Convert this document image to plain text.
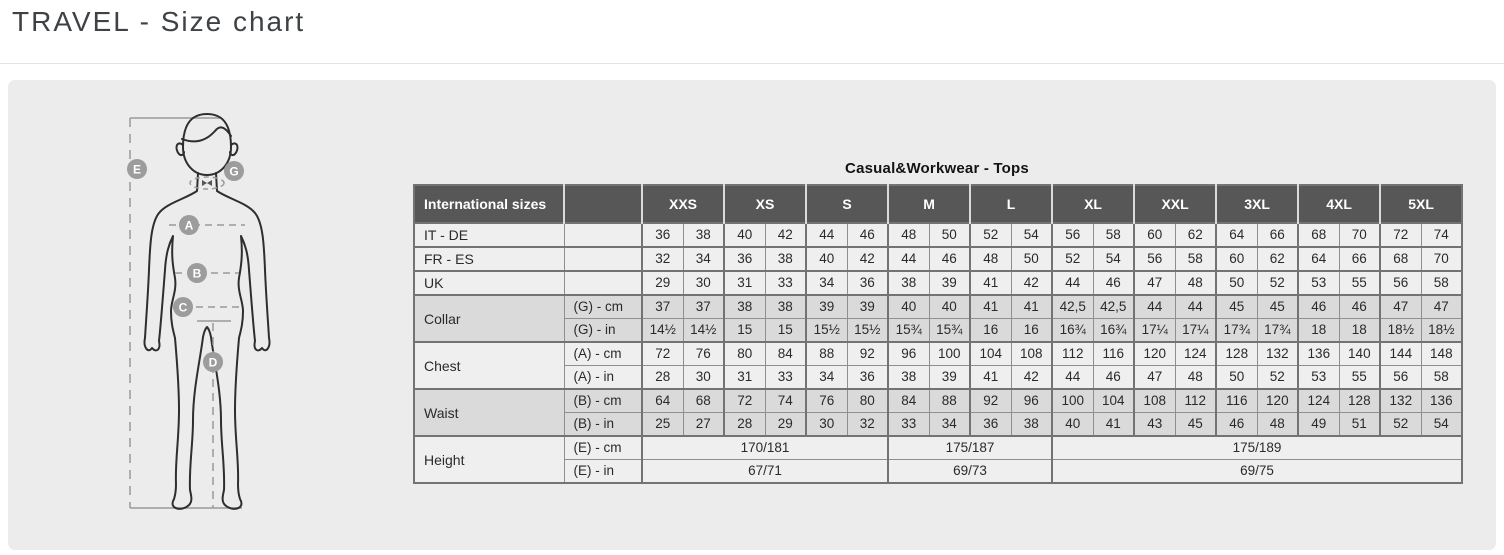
TRAVEL - Size chart
E	G
A
B
C
D
Casual&Workwear - Tops
International sizes		XXS		XS		S		M		L		XL		XXL		3XL		4XL		5XL	
IT - DE		36	38	40	42	44	46	48	50	52	54	56	58	60	62	64	66	68	70	72	74
FR - ES		32	34	36	38	40	42	44	46	48	50	52	54	56	58	60	62	64	66	68	70
UK		29	30	31	33	34	36	38	39	41	42	44	46	47	48	50	52	53	55	56	58
Collar	(G) - cm	37	37	38	38	39	39	40	40	41	41	42,5	42,5	44	44	45	45	46	46	47	47
	(G) - in	14½	14½	15	15	15½	15½	15¾	15¾	16	16	16¾	16¾	17¼	17¼	17¾	17¾	18	18	18½	18½
Chest	(A) - cm	72	76	80	84	88	92	96	100	104	108	112	116	120	124	128	132	136	140	144	148
	(A) - in	28	30	31	33	34	36	38	39	41	42	44	46	47	48	50	52	53	55	56	58
Waist	(B) - cm	64	68	72	74	76	80	84	88	92	96	100	104	108	112	116	120	124	128	132	136
	(B) - in	25	27	28	29	30	32	33	34	36	38	40	41	43	45	46	48	49	51	52	54
Height	(E) - cm	170/181						175/187				175/189									
	(E) - in	67/71						69/73				69/75									
